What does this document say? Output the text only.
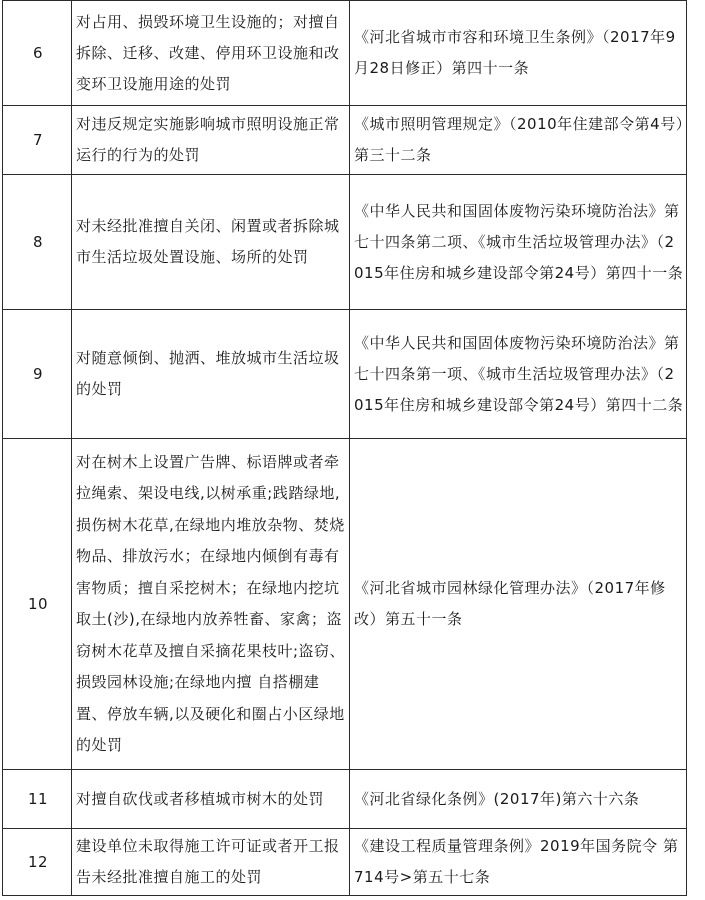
6	对占用、损毁环境卫生设施的；对擅自拆除、迁移、改建、停用环卫设施和改变环卫设施用途的处罚	《河北省城市市容和环境卫生条例》（2017年9月28日修正）第四十一条
7	对违反规定实施影响城市照明设施正常运行的行为的处罚	《城市照明管理规定》（2010年住建部令第4号）第三十二条
8	对未经批准擅自关闭、闲置或者拆除城市生活垃圾处置设施、场所的处罚	《中华人民共和国固体废物污染环境防治法》第七十四条第二项、《城市生活垃圾管理办法》（2015年住房和城乡建设部令第24号）第四十一条
9	对随意倾倒、抛洒、堆放城市生活垃圾的处罚	《中华人民共和国固体废物污染环境防治法》第七十四条第一项、《城市生活垃圾管理办法》（2015年住房和城乡建设部令第24号）第四十二条
10	对在树木上设置广告牌、标语牌或者牵拉绳索、架设电线,以树承重;践踏绿地,损伤树木花草,在绿地内堆放杂物、焚烧物品、排放污水；在绿地内倾倒有毒有害物质；擅自采挖树木；在绿地内挖坑取土(沙),在绿地内放养牲畜、家禽；盗窃树木花草及擅自采摘花果枝叶;盗窃、损毁园林设施;在绿地内擅 自搭棚建置、停放车辆,以及硬化和圈占小区绿地的处罚	《河北省城市园林绿化管理办法》（2017年修改）第五十一条
11	对擅自砍伐或者移植城市树木的处罚	《河北省绿化条例》(2017年)第六十六条
12	建设单位未取得施工许可证或者开工报告未经批准擅自施工的处罚	《建设工程质量管理条例》2019年国务院令 第714号>第五十七条
